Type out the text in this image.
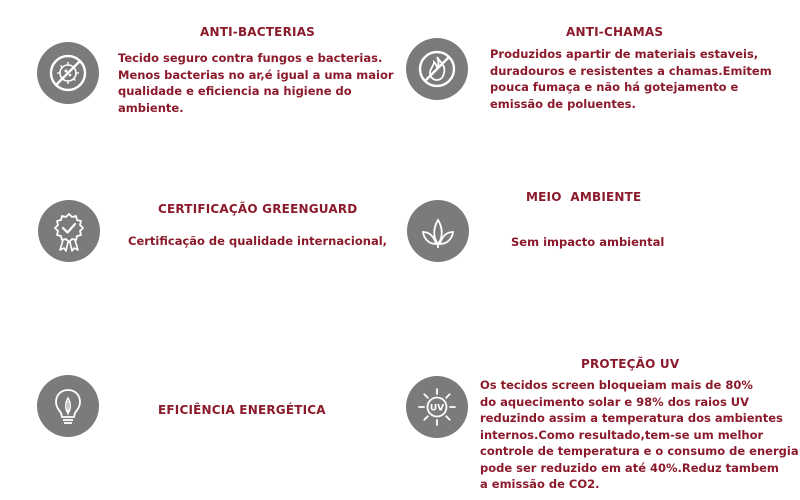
ANTI-BACTERIAS
Tecido seguro contra fungos e bacterias.
Menos bacterias no ar,é igual a uma maior
qualidade e eficiencia na higiene do
ambiente.
ANTI-CHAMAS
Produzidos apartir de materiais estaveis,
duradouros e resistentes a chamas.Emitem
pouca fumaça e não há gotejamento e
emissão de poluentes.
CERTIFICAÇÃO GREENGUARD
Certificação de qualidade internacional,
MEIO  AMBIENTE
Sem impacto ambiental
EFICIÊNCIA ENERGÉTICA
PROTEÇÃO UV
UV
Os tecidos screen bloqueiam mais de 80%
do aquecimento solar e 98% dos raios UV
reduzindo assim a temperatura dos ambientes
internos.Como resultado,tem-se um melhor
controle de temperatura e o consumo de energia
pode ser reduzido em até 40%.Reduz tambem
a emissão de CO2.
